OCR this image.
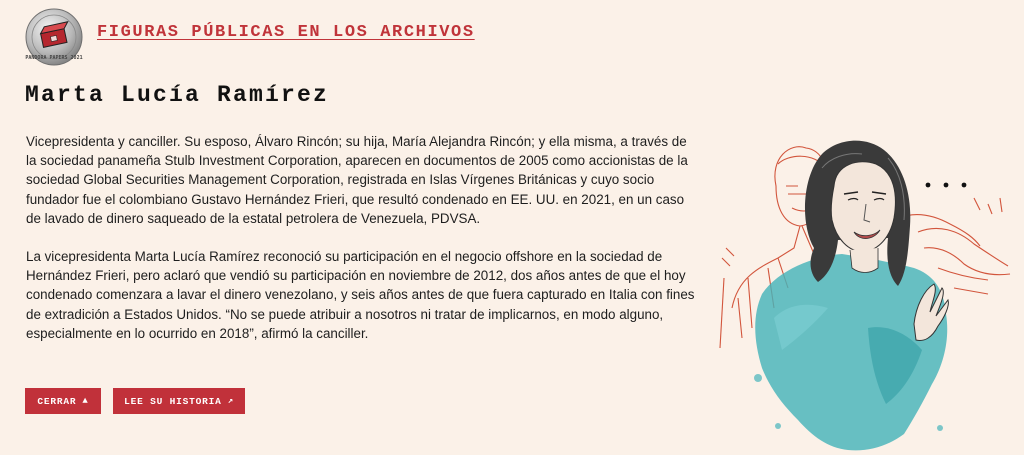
PANDORA PAPERS 2021
FIGURAS PÚBLICAS EN LOS ARCHIVOS
Marta Lucía Ramírez

Vicepresidenta y canciller. Su esposo, Álvaro Rincón; su hija, María Alejandra Rincón; y ella misma, a través de la sociedad panameña Stulb Investment Corporation, aparecen en documentos de 2005 como accionistas de la sociedad Global Securities Management Corporation, registrada en Islas Vírgenes Británicas y cuyo socio fundador fue el colombiano Gustavo Hernández Frieri, que resultó condenado en EE. UU. en 2021, en un caso de lavado de dinero saqueado de la estatal petrolera de Venezuela, PDVSA.

La vicepresidenta Marta Lucía Ramírez reconoció su participación en el negocio offshore en la sociedad de Hernández Frieri, pero aclaró que vendió su participación en noviembre de 2012, dos años antes de que el hoy condenado comenzara a lavar el dinero venezolano, y seis años antes de que fuera capturado en Italia con fines de extradición a Estados Unidos. “No se puede atribuir a nosotros ni tratar de implicarnos, en modo alguno, especialmente en lo ocurrido en 2018”, afirmó la canciller.

CERRAR ▲	LEE SU HISTORIA ↗
